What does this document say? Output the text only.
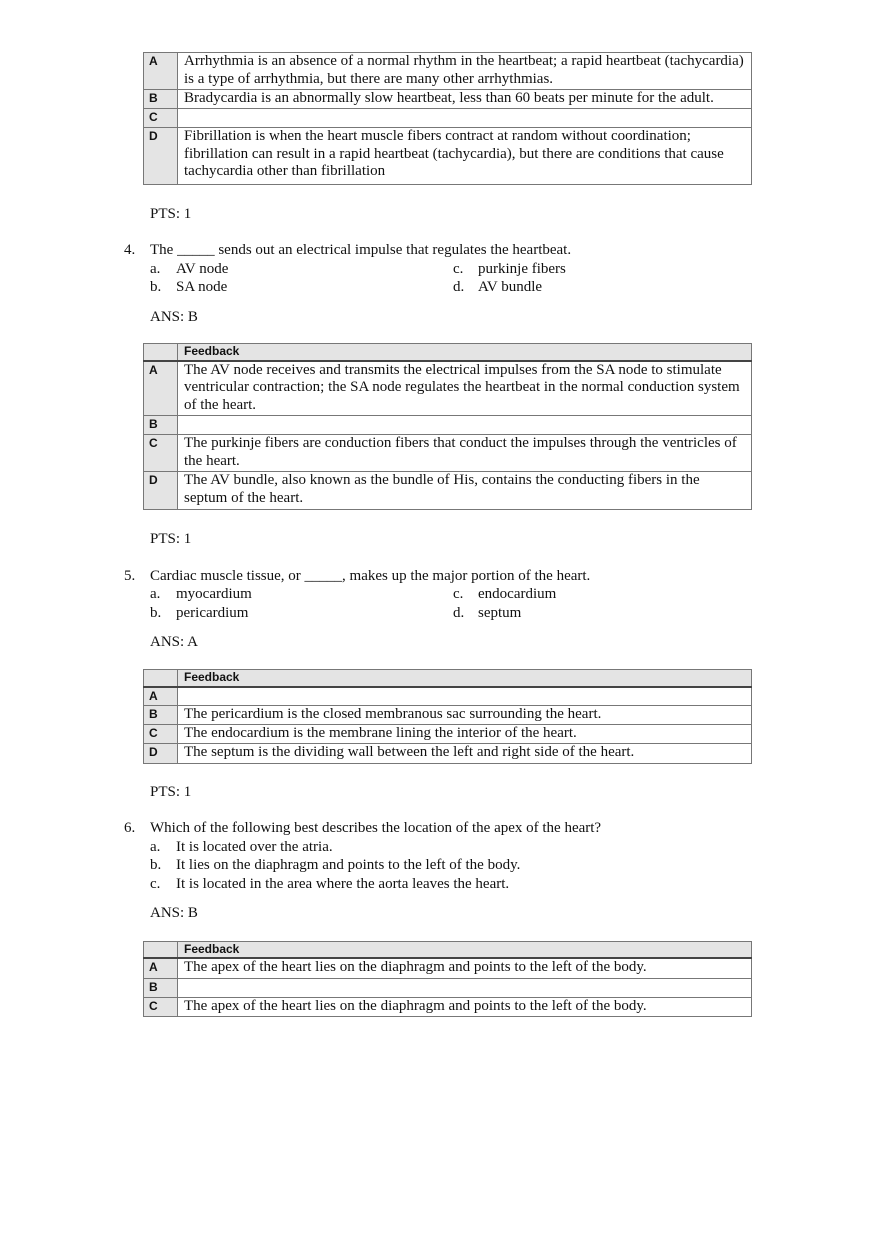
A	Arrhythmia is an absence of a normal rhythm in the heartbeat; a rapid heartbeat (tachycardia) is a type of arrhythmia, but there are many other arrhythmias.
B	Bradycardia is an abnormally slow heartbeat, less than 60 beats per minute for the adult.
C	
D	Fibrillation is when the heart muscle fibers contract at random without coordination; fibrillation can result in a rapid heartbeat (tachycardia), but there are conditions that cause tachycardia other than fibrillation
PTS: 1
4. The _____ sends out an electrical impulse that regulates the heartbeat.
a. AV node
b. SA node
c. purkinje fibers
d. AV bundle
ANS: B
	Feedback
A	The AV node receives and transmits the electrical impulses from the SA node to stimulate ventricular contraction; the SA node regulates the heartbeat in the normal conduction system of the heart.
B	
C	The purkinje fibers are conduction fibers that conduct the impulses through the ventricles of the heart.
D	The AV bundle, also known as the bundle of His, contains the conducting fibers in the septum of the heart.
PTS: 1
5. Cardiac muscle tissue, or _____, makes up the major portion of the heart.
a. myocardium
b. pericardium
c. endocardium
d. septum
ANS: A
	Feedback
A	
B	The pericardium is the closed membranous sac surrounding the heart.
C	The endocardium is the membrane lining the interior of the heart.
D	The septum is the dividing wall between the left and right side of the heart.
PTS: 1
6. Which of the following best describes the location of the apex of the heart?
a. It is located over the atria.
b. It lies on the diaphragm and points to the left of the body.
c. It is located in the area where the aorta leaves the heart.
ANS: B
	Feedback
A	The apex of the heart lies on the diaphragm and points to the left of the body.
B	
C	The apex of the heart lies on the diaphragm and points to the left of the body.
